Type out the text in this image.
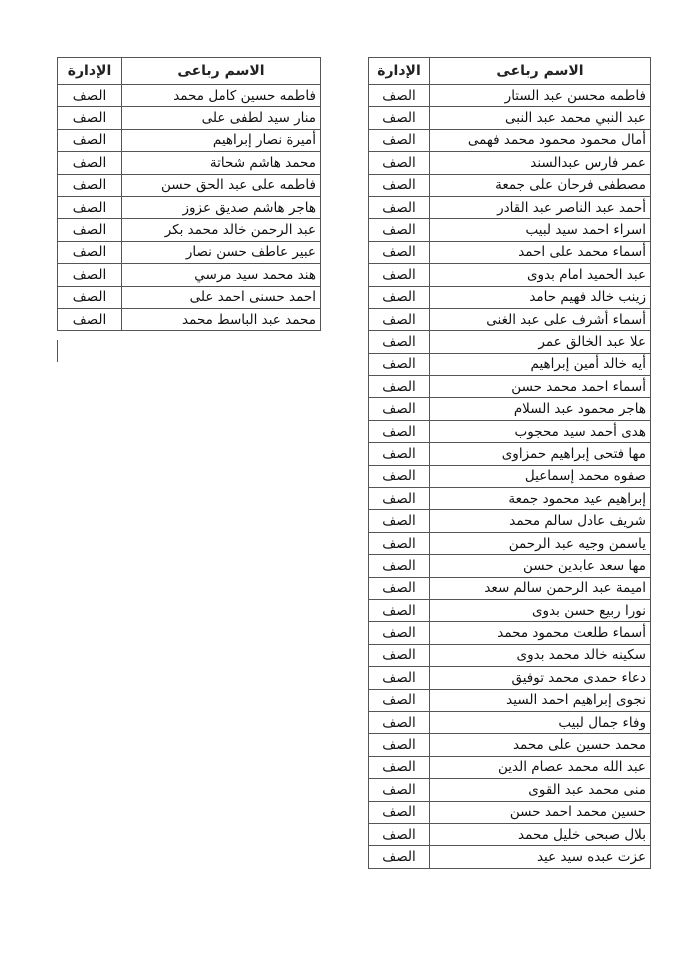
الاسم رباعى	الإدارة
فاطمه محسن عبد الستار	الصف
عبد النبي محمد عبد النبى	الصف
أمال محمود محمود محمد فهمى	الصف
عمر فارس عبدالسند	الصف
مصطفى فرحان على جمعة	الصف
أحمد عبد الناصر عبد القادر	الصف
اسراء احمد سيد لبيب	الصف
أسماء محمد على احمد	الصف
عبد الحميد امام بدوى	الصف
زينب خالد فهيم حامد	الصف
أسماء أشرف على عبد الغنى	الصف
علا عبد الخالق عمر	الصف
أيه خالد أمين إبراهيم	الصف
أسماء احمد محمد حسن	الصف
هاجر محمود عبد السلام	الصف
هدى أحمد سيد محجوب	الصف
مها فتحى إبراهيم حمزاوى	الصف
صفوه محمد إسماعيل	الصف
إبراهيم عيد محمود جمعة	الصف
شريف عادل سالم محمد	الصف
ياسمن وجيه عبد الرحمن	الصف
مها سعد عابدين حسن	الصف
اميمة عبد الرحمن سالم سعد	الصف
نورا ربيع حسن بدوى	الصف
أسماء طلعت محمود محمد	الصف
سكينه خالد محمد بدوى	الصف
دعاء حمدى محمد توفيق	الصف
نجوى إبراهيم احمد السيد	الصف
وفاء جمال لبيب	الصف
محمد حسين على محمد	الصف
عبد الله محمد عصام الدين	الصف
منى محمد عبد القوى	الصف
حسين محمد احمد حسن	الصف
بلال صبحى خليل محمد	الصف
عزت عبده سيد عيد	الصف
الاسم رباعى	الإدارة
فاطمه حسين كامل محمد	الصف
منار سيد لطفى على	الصف
أميرة نصار إبراهيم	الصف
محمد هاشم شحاتة	الصف
فاطمه على عبد الحق حسن	الصف
هاجر هاشم صديق عزوز	الصف
عبد الرحمن خالد محمد بكر	الصف
عبير عاطف حسن نصار	الصف
هند محمد سيد مرسي	الصف
احمد حسنى احمد على	الصف
محمد عبد الباسط محمد	الصف
